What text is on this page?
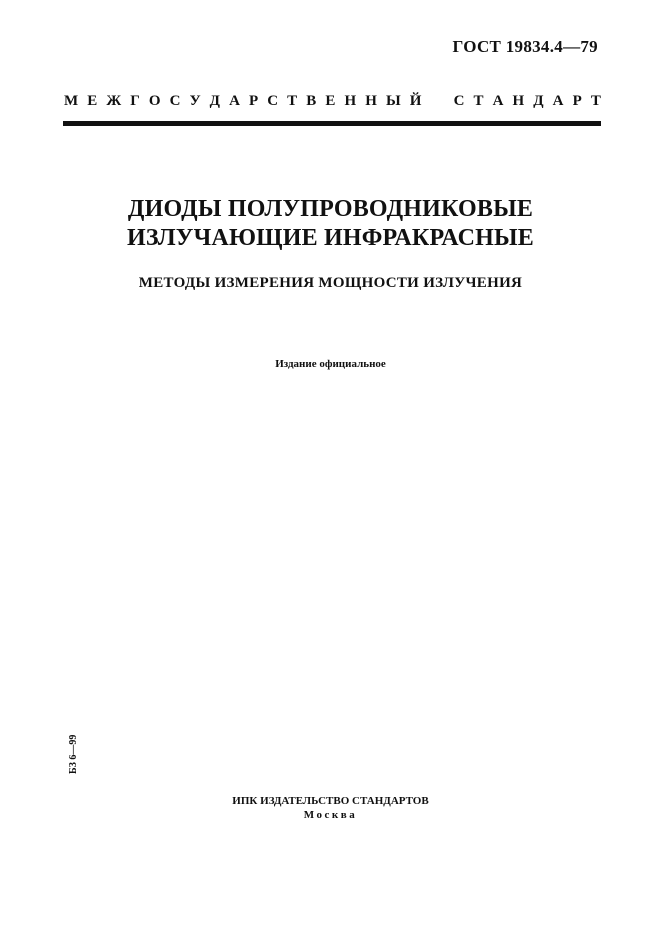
ГОСТ 19834.4—79
М Е Ж Г О С У Д А Р С Т В Е Н Н Ы Й С Т А Н Д А Р Т
ДИОДЫ ПОЛУПРОВОДНИКОВЫЕ
ИЗЛУЧАЮЩИЕ ИНФРАКРАСНЫЕ
МЕТОДЫ ИЗМЕРЕНИЯ МОЩНОСТИ ИЗЛУЧЕНИЯ
Издание официальное
БЗ 6—99
ИПК ИЗДАТЕЛЬСТВО СТАНДАРТОВ
Москва
